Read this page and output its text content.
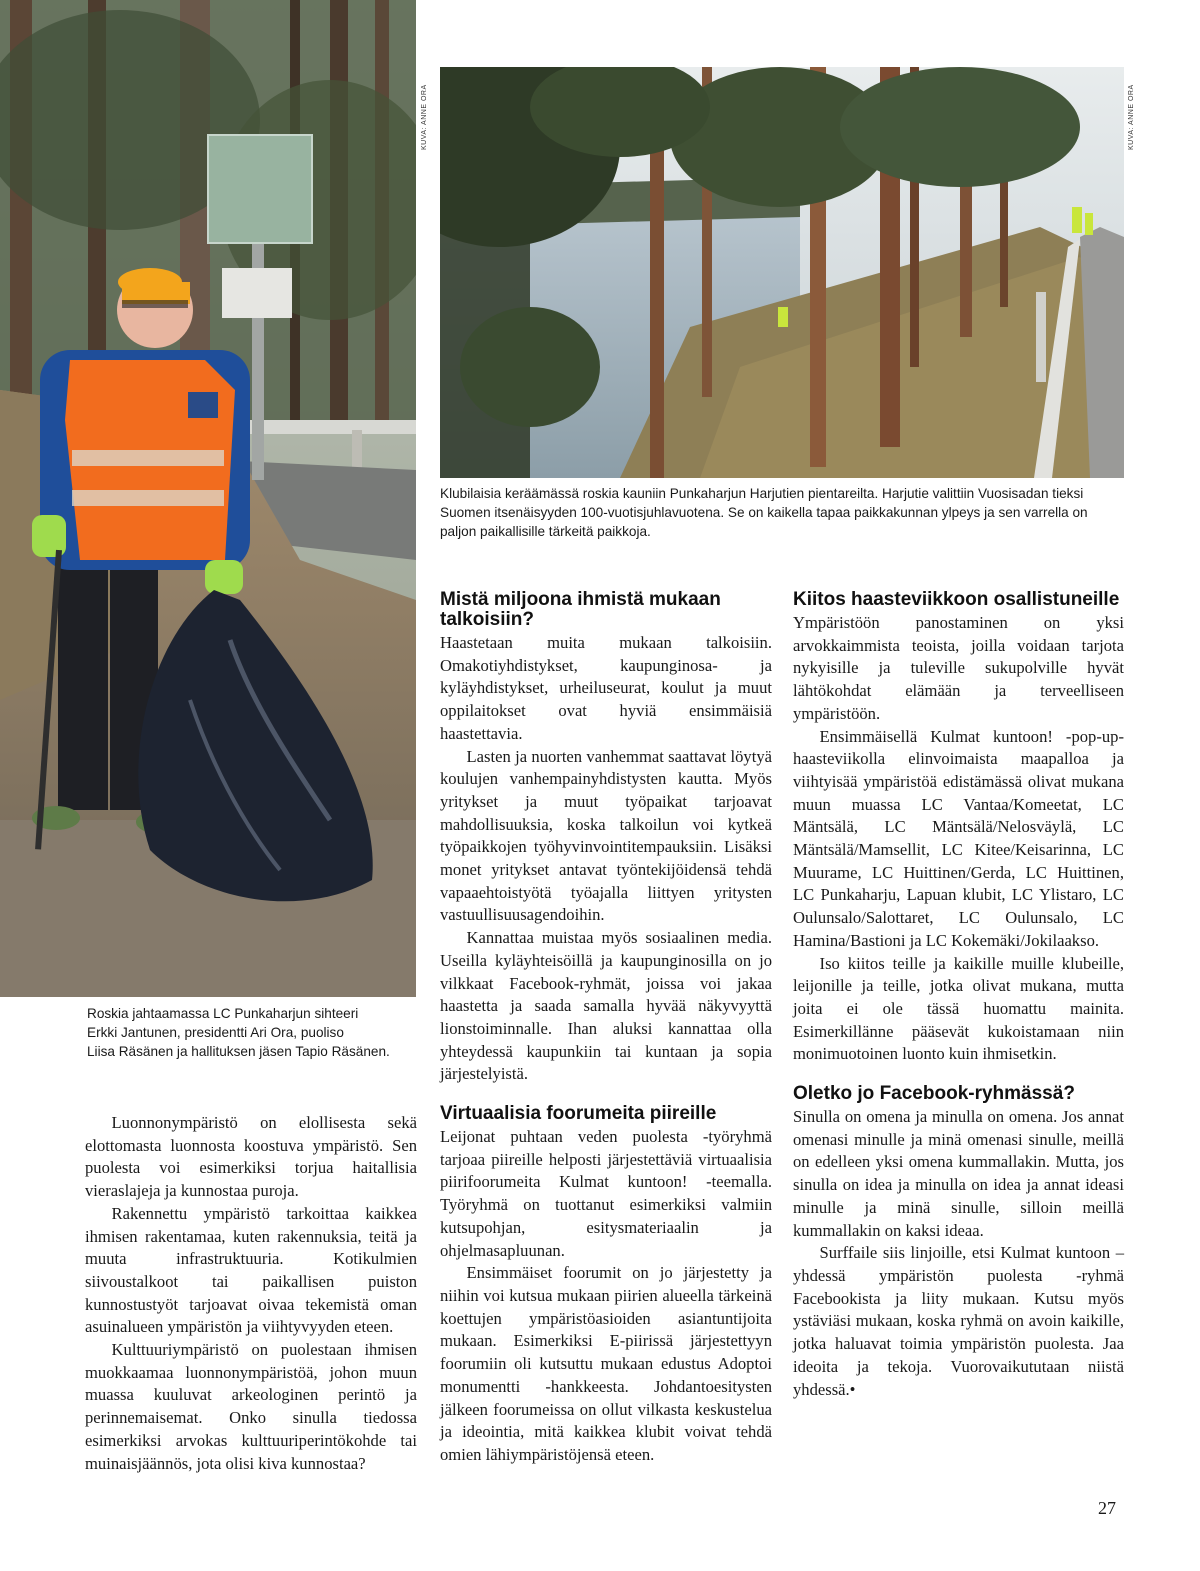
KUVA: ANNE ORA	KUVA: ANNE ORA
Klubilaisia keräämässä roskia kauniin Punkaharjun Harjutien pientareilta. Harjutie valittiin Vuosisadan tieksi
Suomen itsenäisyyden 100-vuotisjuhlavuotena. Se on kaikella tapaa paikkakunnan ylpeys ja sen varrella on
paljon paikallisille tärkeitä paikkoja.
Roskia jahtaamassa LC Punkaharjun sihteeri
Erkki Jantunen, presidentti Ari Ora, puoliso
Liisa Räsänen ja hallituksen jäsen Tapio Räsänen.

Luonnonympäristö on elollisesta sekä elottomasta luonnosta koostuva ympäristö. Sen puolesta voi esimerkiksi torjua haitallisia vieraslajeja ja kunnostaa puroja.

Rakennettu ympäristö tarkoittaa kaikkea ihmisen rakentamaa, kuten rakennuksia, teitä ja muuta infrastruktuuria. Kotikulmien siivoustalkoot tai paikallisen puiston kunnostustyöt tarjoavat oivaa tekemistä oman asuinalueen ympäristön ja viihtyvyyden eteen.

Kulttuuriympäristö on puolestaan ihmisen muokkaamaa luonnonympäristöä, johon muun muassa kuuluvat arkeologinen perintö ja perinnemaisemat. Onko sinulla tiedossa esimerkiksi arvokas kulttuuriperintökohde tai muinaisjäännös, jota olisi kiva kunnostaa?

Mistä miljoona ihmistä mukaan talkoisiin?

Haastetaan muita mukaan talkoisiin. Omakotiyhdistykset, kaupunginosa- ja kyläyhdistykset, urheiluseurat, koulut ja muut oppilaitokset ovat hyviä ensimmäisiä haastettavia.

Lasten ja nuorten vanhemmat saattavat löytyä koulujen vanhempainyhdistysten kautta. Myös yritykset ja muut työpaikat tarjoavat mahdollisuuksia, koska talkoilun voi kytkeä työpaikkojen työhyvinvointitempauksiin. Lisäksi monet yritykset antavat työntekijöidensä tehdä vapaaehtoistyötä työajalla liittyen yritysten vastuullisuusagendoihin.

Kannattaa muistaa myös sosiaalinen media. Useilla kyläyhteisöillä ja kaupunginosilla on jo vilkkaat Facebook-ryhmät, joissa voi jakaa haastetta ja saada samalla hyvää näkyvyyttä lionstoiminnalle. Ihan aluksi kannattaa olla yhteydessä kaupunkiin tai kuntaan ja sopia järjestelyistä.

Virtuaalisia foorumeita piireille

Leijonat puhtaan veden puolesta -työryhmä tarjoaa piireille helposti järjestettäviä virtuaalisia piirifoorumeita Kulmat kuntoon! -teemalla. Työryhmä on tuottanut esimerkiksi valmiin kutsupohjan, esitysmateriaalin ja ohjelmasapluunan.

Ensimmäiset foorumit on jo järjestetty ja niihin voi kutsua mukaan piirien alueella tärkeinä koettujen ympäristöasioiden asiantuntijoita mukaan. Esimerkiksi E-piirissä järjestettyyn foorumiin oli kutsuttu mukaan edustus Adoptoi monumentti -hankkeesta. Johdantoesitysten jälkeen foorumeissa on ollut vilkasta keskustelua ja ideointia, mitä kaikkea klubit voivat tehdä omien lähiympäristöjensä eteen.

Kiitos haasteviikkoon osallistuneille

Ympäristöön panostaminen on yksi arvokkaimmista teoista, joilla voidaan tarjota nykyisille ja tuleville sukupolville hyvät lähtökohdat elämään ja terveelliseen ympäristöön.

Ensimmäisellä Kulmat kuntoon! -pop-up-haasteviikolla elinvoimaista maapalloa ja viihtyisää ympäristöä edistämässä olivat mukana muun muassa LC Vantaa/Komeetat, LC Mäntsälä, LC Mäntsälä/Nelosväylä, LC Mäntsälä/Mamsellit, LC Kitee/Keisarinna, LC Muurame, LC Huittinen/Gerda, LC Huittinen, LC Punkaharju, Lapuan klubit, LC Ylistaro, LC Oulunsalo/Salottaret, LC Oulunsalo, LC Hamina/Bastioni ja LC Kokemäki/Jokilaakso.

Iso kiitos teille ja kaikille muille klubeille, leijonille ja teille, jotka olivat mukana, mutta joita ei ole tässä huomattu mainita. Esimerkillänne pääsevät kukoistamaan niin monimuotoinen luonto kuin ihmisetkin.

Oletko jo Facebook-ryhmässä?

Sinulla on omena ja minulla on omena. Jos annat omenasi minulle ja minä omenasi sinulle, meillä on edelleen yksi omena kummallakin. Mutta, jos sinulla on idea ja minulla on idea ja annat ideasi minulle ja minä sinulle, silloin meillä kummallakin on kaksi ideaa.

Surffaile siis linjoille, etsi Kulmat kuntoon – yhdessä ympäristön puolesta -ryhmä Facebookista ja liity mukaan. Kutsu myös ystäviäsi mukaan, koska ryhmä on avoin kaikille, jotka haluavat toimia ympäristön puolesta. Jaa ideoita ja tekoja. Vuorovaikututaan niistä yhdessä.•

27
